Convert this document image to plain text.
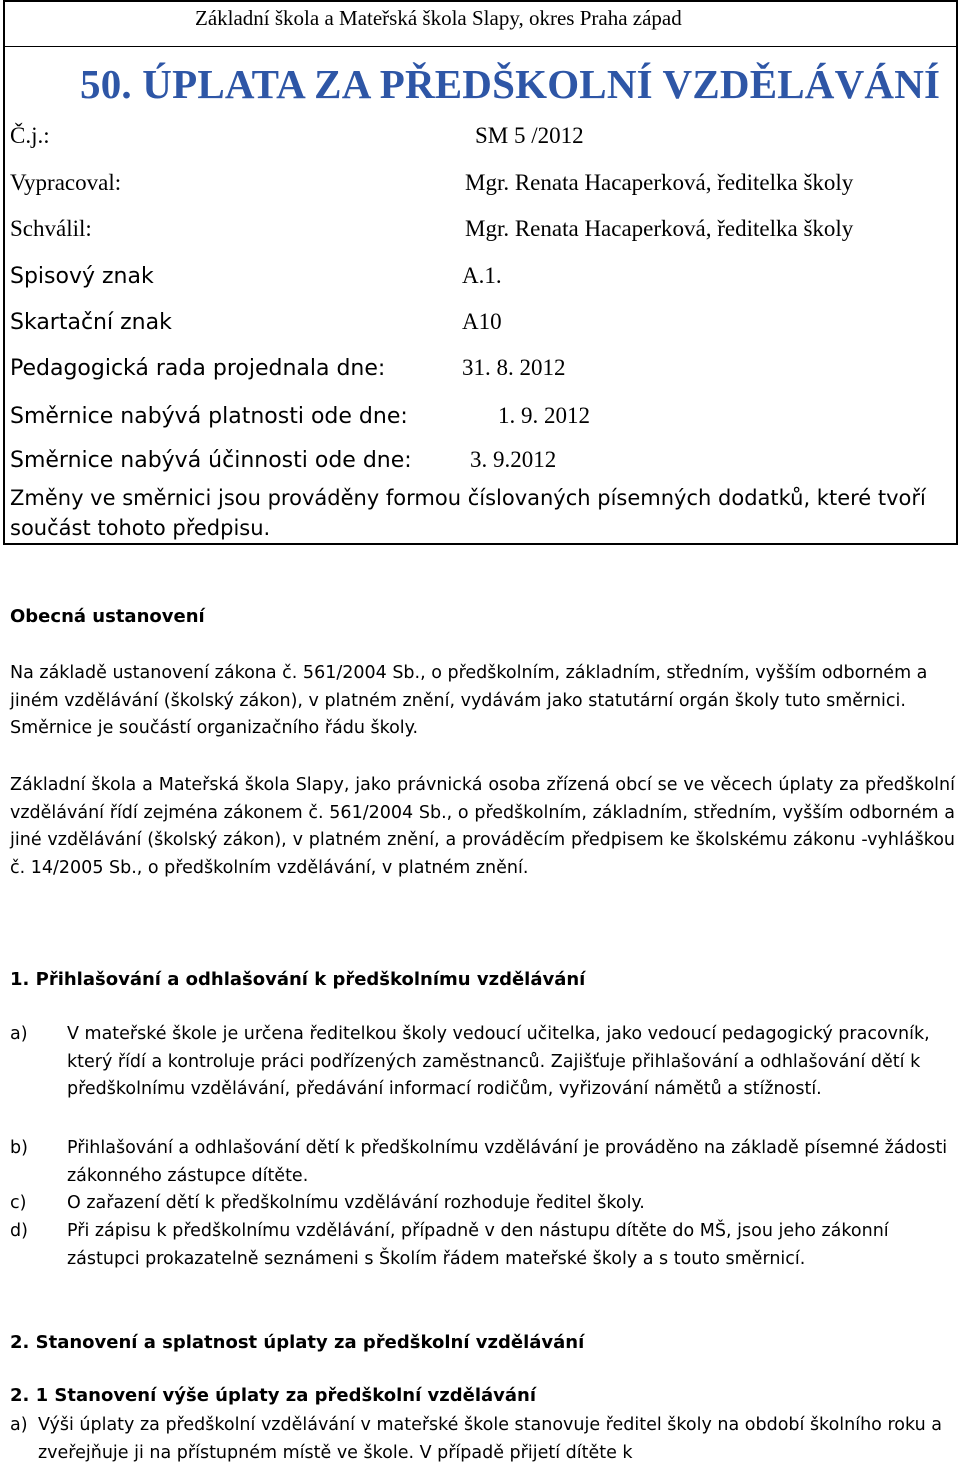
Základní škola a Mateřská škola Slapy, okres Praha západ
50. ÚPLATA ZA PŘEDŠKOLNÍ VZDĚLÁVÁNÍ
Č.j.:	SM 5 /2012
Vypracoval:	Mgr. Renata Hacaperková, ředitelka školy
Schválil:	Mgr. Renata Hacaperková, ředitelka školy
Spisový znak	A.1.
Skartační znak	A10
Pedagogická rada projednala dne:	31. 8. 2012
Směrnice nabývá platnosti ode dne:	1. 9. 2012
Směrnice nabývá účinnosti ode dne:	3. 9.2012
Změny ve směrnici jsou prováděny formou číslovaných písemných dodatků, které tvoří součást tohoto předpisu.
Obecná ustanovení
Na základě ustanovení zákona č. 561/2004 Sb., o předškolním, základním, středním, vyšším odborném a jiném vzdělávání (školský zákon), v platném znění, vydávám jako statutární orgán školy tuto směrnici. Směrnice je součástí organizačního řádu školy.
Základní škola a Mateřská škola Slapy, jako právnická osoba zřízená obcí se ve věcech úplaty za předškolní vzdělávání řídí zejména zákonem č. 561/2004 Sb., o předškolním, základním, středním, vyšším odborném a jiné vzdělávání (školský zákon), v platném znění, a prováděcím předpisem ke školskému zákonu -vyhláškou č. 14/2005 Sb., o předškolním vzdělávání, v platném znění.
1. Přihlašování a odhlašování k předškolnímu vzdělávání
a) V mateřské škole je určena ředitelkou školy vedoucí učitelka, jako vedoucí pedagogický pracovník, který řídí a kontroluje práci podřízených zaměstnanců. Zajišťuje přihlašování a odhlašování dětí k předškolnímu vzdělávání, předávání informací rodičům, vyřizování námětů a stížností.
b) Přihlašování a odhlašování dětí k předškolnímu vzdělávání je prováděno na základě písemné žádosti zákonného zástupce dítěte.
c) O zařazení dětí k předškolnímu vzdělávání rozhoduje ředitel školy.
d) Při zápisu k předškolnímu vzdělávání, případně v den nástupu dítěte do MŠ, jsou jeho zákonní zástupci prokazatelně seznámeni s Školím řádem mateřské školy a s touto směrnicí.
2. Stanovení a splatnost úplaty za předškolní vzdělávání
2. 1 Stanovení výše úplaty za předškolní vzdělávání
a) Výši úplaty za předškolní vzdělávání v mateřské škole stanovuje ředitel školy na období školního roku a zveřejňuje ji na přístupném místě ve škole. V případě přijetí dítěte k
